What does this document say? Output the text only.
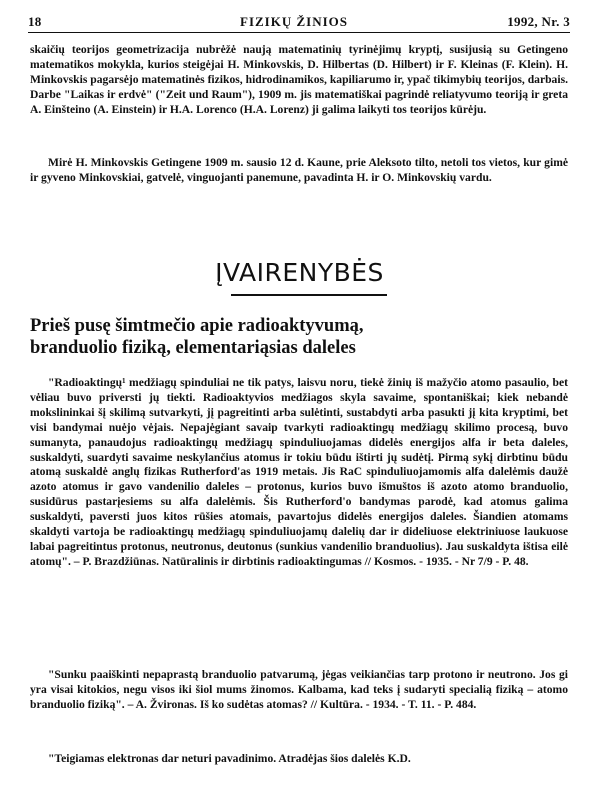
18	FIZIKŲ ŽINIOS	1992, Nr. 3
skaičių teorijos geometrizacija nubrėžė naują matematinių tyrinėjimų kryptį, susijusią su Getingeno matematikos mokykla, kurios steigėjai H. Minkovskis, D. Hilbertas (D. Hilbert) ir F. Kleinas (F. Klein). H. Minkovskis pagarsėjo matematinės fizikos, hidrodinamikos, kapiliarumo ir, ypač tikimybių teorijos, darbais. Darbe "Laikas ir erdvė" ("Zeit und Raum"), 1909 m. jis matematiškai pagrindė reliatyvumo teoriją ir greta A. Einšteino (A. Einstein) ir H.A. Lorenco (H.A. Lorenz) ji galima laikyti tos teorijos kūrėju.
Mirė H. Minkovskis Getingene 1909 m. sausio 12 d. Kaune, prie Aleksoto tilto, netoli tos vietos, kur gimė ir gyveno Minkovskiai, gatvelė, vinguojanti panemune, pavadinta H. ir O. Minkovskių vardu.
ĮVAIRENYBĖS
Prieš pusę šimtmečio apie radioaktyvumą,
branduolio fiziką, elementariąsias daleles
"Radioaktingų¹ medžiagų spinduliai ne tik patys, laisvu noru, tiekė žinių iš mažyčio atomo pasaulio, bet vėliau buvo priversti jų tiekti. Radioaktyvios medžiagos skyla savaime, spontaniškai; kiek nebandė mokslininkai šį skilimą sutvarkyti, jį pagreitinti arba sulėtinti, sustabdyti arba pasukti jį kita kryptimi, bet visi bandymai nuėjo vėjais. Nepajėgiant savaip tvarkyti radioaktingų medžiagų skilimo procesą, buvo sumanyta, panaudojus radioaktingų medžiagų spinduliuojamas didelės energijos alfa ir beta daleles, suskaldyti, suardyti savaime neskylančius atomus ir tokiu būdu ištirti jų sudėtį. Pirmą sykį dirbtinu būdu atomą suskaldė anglų fizikas Rutherford'as 1919 metais. Jis RaC spinduliuojamomis alfa dalelėmis daužė azoto atomus ir gavo vandenilio daleles – protonus, kurios buvo išmuštos iš azoto atomo branduolio, susidūrus pastarįesiems su alfa dalelėmis. Šis Rutherford'o bandymas parodė, kad atomus galima suskaldyti, paversti juos kitos rūšies atomais, pavartojus didelės energijos daleles. Šiandien atomams skaldyti vartoja be radioaktingų medžiagų spinduliuojamų dalelių dar ir dideliuose elektriniuose laukuose labai pagreitintus protonus, neutronus, deutonus (sunkius vandenilio branduolius). Jau suskaldyta ištisa eilė atomų". – P. Brazdžiūnas. Natūralinis ir dirbtinis radioaktingumas // Kosmos. - 1935. - Nr 7/9 - P. 48.
"Sunku paaiškinti nepaprastą branduolio patvarumą, jėgas veikiančias tarp protono ir neutrono. Jos gi yra visai kitokios, negu visos iki šiol mums žinomos. Kalbama, kad teks į sudaryti specialią fiziką – atomo branduolio fiziką". – A. Žvironas. Iš ko sudėtas atomas? // Kultūra. - 1934. - T. 11. - P. 484.
"Teigiamas elektronas dar neturi pavadinimo. Atradėjas šios dalelės K.D.
